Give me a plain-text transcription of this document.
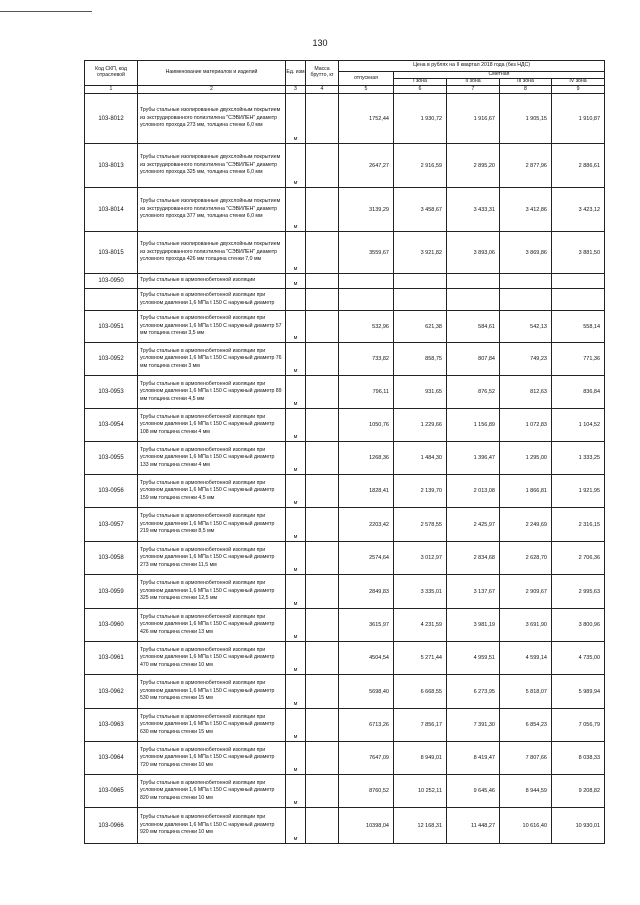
130
Код СКП, код отраслевой	Наименование материалов и изделий	Ед. изм	Масса брутто, кг	Цена в рублях на II квартал 2018 года (без НДС)				
				отпускная	Сметная			
					I зона	II зона	III зона	IV зона
1	2	3	4	5	6	7	8	9
103-8012	Трубы стальные изолированные двухслойным покрытием из экструдированного полиэтилена "СЭВИЛЕН" диаметр условного прохода 273 мм, толщина стенки 6,0 мм	м		1752,44	1 930,72	1 916,67	1 905,15	1 910,87
103-8013	Трубы стальные изолированные двухслойным покрытием из экструдированного полиэтилена "СЭВИЛЕН" диаметр условного прохода 325 мм, толщина стенки 6,0 мм	м		2647,27	2 916,59	2 895,20	2 877,96	2 886,61
103-8014	Трубы стальные изолированные двухслойным покрытием из экструдированного полиэтилена "СЭВИЛЕН" диаметр условного прохода 377 мм, толщина стенки 6,0 мм	м		3139,29	3 458,67	3 433,31	3 412,86	3 423,12
103-8015	Трубы стальные изолированные двухслойным покрытием из экструдированного полиэтилена "СЭВИЛЕН" диаметр условного прохода 426 мм толщина стенки 7,0 мм	м		3559,67	3 921,82	3 893,06	3 869,86	3 881,50
103-0950	Трубы стальные в армопенобетонной изоляции	м						
	Трубы стальные в армопенобетонной изоляции при условном давлении 1,6 МПа t 150 С наружный диаметр							
103-0951	Трубы стальные в армопенобетонной изоляции при условном давлении 1,6 МПа t 150 С наружный диаметр 57 мм толщина стенки 3,5 мм	м		532,96	621,38	584,61	542,13	558,14
103-0952	Трубы стальные в армопенобетонной изоляции при условном давлении 1,6 МПа t 150 С наружный диаметр 76 мм толщина стенки 3 мм	м		733,82	858,75	807,84	749,23	771,36
103-0953	Трубы стальные в армопенобетонной изоляции при условном давлении 1,6 МПа t 150 С наружный диаметр 89 мм толщина стенки 4,5 мм	м		796,11	931,65	876,52	812,63	836,84
103-0954	Трубы стальные в армопенобетонной изоляции при условном давлении 1,6 МПа t 150 С наружный диаметр 108 мм толщина стенки 4 мм	м		1050,76	1 229,66	1 156,89	1 072,83	1 104,52
103-0955	Трубы стальные в армопенобетонной изоляции при условном давлении 1,6 МПа t 150 С наружный диаметр 133 мм толщина стенки 4 мм	м		1268,36	1 484,30	1 396,47	1 295,00	1 333,25
103-0956	Трубы стальные в армопенобетонной изоляции при условном давлении 1,6 МПа t 150 С наружный диаметр 159 мм толщина стенки 4,5 мм	м		1828,41	2 139,70	2 013,08	1 866,81	1 921,95
103-0957	Трубы стальные в армопенобетонной изоляции при условном давлении 1,6 МПа t 150 С наружный диаметр 219 мм толщина стенки 8,5 мм	м		2203,42	2 578,55	2 425,97	2 249,69	2 316,15
103-0958	Трубы стальные в армопенобетонной изоляции при условном давлении 1,6 МПа t 150 С наружный диаметр 273 мм толщина стенки 11,5 мм	м		2574,64	3 012,97	2 834,68	2 628,70	2 706,36
103-0959	Трубы стальные в армопенобетонной изоляции при условном давлении 1,6 МПа t 150 С наружный диаметр 325 мм толщина стенки 12,5 мм	м		2849,83	3 335,01	3 137,67	2 909,67	2 995,63
103-0960	Трубы стальные в армопенобетонной изоляции при условном давлении 1,6 МПа t 150 С наружный диаметр 426 мм толщина стенки 13 мм	м		3615,97	4 231,59	3 981,19	3 691,90	3 800,96
103-0961	Трубы стальные в армопенобетонной изоляции при условном давлении 1,6 МПа t 150 С наружный диаметр 470 мм толщина стенки 10 мм	м		4504,54	5 271,44	4 959,51	4 599,14	4 735,00
103-0962	Трубы стальные в армопенобетонной изоляции при условном давлении 1,6 МПа t 150 С наружный диаметр 530 мм толщина стенки 15 мм	м		5698,40	6 668,55	6 273,95	5 818,07	5 989,94
103-0963	Трубы стальные в армопенобетонной изоляции при условном давлении 1,6 МПа t 150 С наружный диаметр 630 мм толщина стенки 15 мм	м		6713,26	7 856,17	7 391,30	6 854,23	7 056,79
103-0964	Трубы стальные в армопенобетонной изоляции при условном давлении 1,6 МПа t 150 С наружный диаметр 720 мм толщина стенки 10 мм	м		7647,09	8 949,01	8 419,47	7 807,66	8 038,33
103-0965	Трубы стальные в армопенобетонной изоляции при условном давлении 1,6 МПа t 150 С наружный диаметр 820 мм толщина стенки 10 мм	м		8760,52	10 252,11	9 645,46	8 944,59	9 208,82
103-0966	Трубы стальные в армопенобетонной изоляции при условном давлении 1,6 МПа t 150 С наружный диаметр 920 мм толщина стенки 10 мм	м		10398,04	12 168,31	11 448,27	10 616,40	10 930,01
